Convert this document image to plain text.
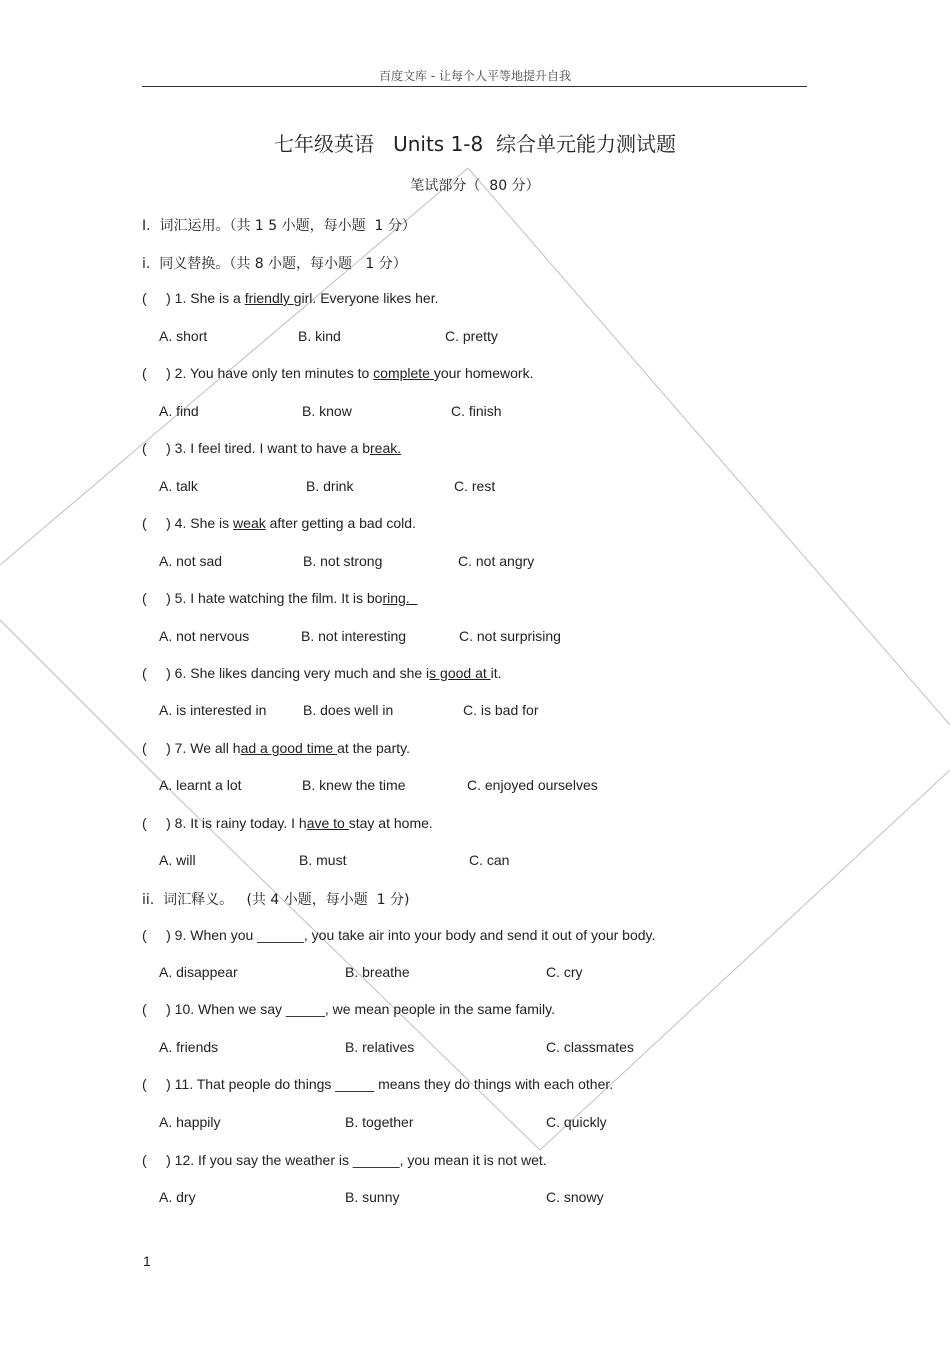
百度文库 - 让每个人平等地提升自我
七年级英语   Units 1-8  综合单元能力测试题
笔试部分（  80 分）
I.  词汇运用。（共 1 5 小题，每小题  1 分）
i.  同义替换。（共 8 小题，每小题   1 分）
(     ) 1. She is a friendly girl. Everyone likes her.
A. short	B. kind	C. pretty
(     ) 2. You have only ten minutes to complete your homework.
A. find	B. know	C. finish
(     ) 3. I feel tired. I want to have a break.
A. talk	B. drink	C. rest
(     ) 4. She is weak after getting a bad cold.
A. not sad	B. not strong	C. not angry
(     ) 5. I hate watching the film. It is boring.
A. not nervous	B. not interesting	C. not surprising
(     ) 6. She likes dancing very much and she is good at it.
A. is interested in	B. does well in	C. is bad for
(     ) 7. We all had a good time at the party.
A. learnt a lot	B. knew the time	C. enjoyed ourselves
(     ) 8. It is rainy today. I have to stay at home.
A. will	B. must	C. can
ii.  词汇释义。   (共 4 小题，每小题  1 分)
(     ) 9. When you ______, you take air into your body and send it out of your body.
A. disappear	B. breathe	C. cry
(     ) 10. When we say _____, we mean people in the same family.
A. friends	B. relatives	C. classmates
(     ) 11. That people do things _____ means they do things with each other.
A. happily	B. together	C. quickly
(     ) 12. If you say the weather is ______, you mean it is not wet.
A. dry	B. sunny	C. snowy
1
